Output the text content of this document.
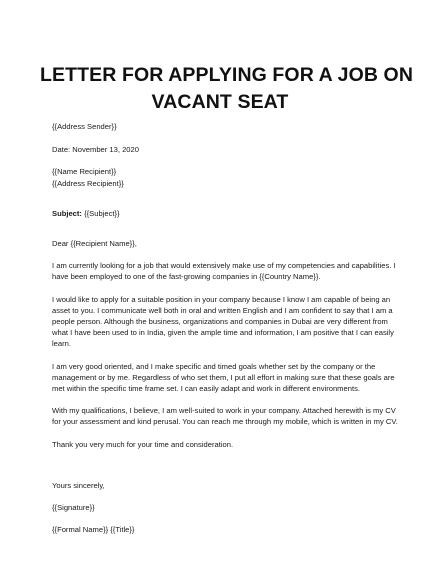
LETTER FOR APPLYING FOR A JOB ON
VACANT SEAT

{{Address Sender}}

Date: November 13, 2020

{{Name Recipient}}

{{Address Recipient}}

Subject: {{Subject}}

Dear {{Recipient Name}},

I am currently looking for a job that would extensively make use of my competencies and capabilities. I
have been employed to one of the fast-growing companies in {{Country Name}}.

I would like to apply for a suitable position in your company because I know I am capable of being an
asset to you. I communicate well both in oral and written English and I am confident to say that I am a
people person. Although the business, organizations and companies in Dubai are very different from
what I have been used to in India, given the ample time and information, I am positive that I can easily
learn.

I am very good oriented, and I make specific and timed goals whether set by the company or the
management or by me. Regardless of who set them, I put all effort in making sure that these goals are
met within the specific time frame set. I can easily adapt and work in different environments.

With my qualifications, I believe, I am well-suited to work in your company. Attached herewith is my CV
for your assessment and kind perusal. You can reach me through my mobile, which is written in my CV.

Thank you very much for your time and consideration.

Yours sincerely,

{{Signature}}

{{Formal Name}} {{Title}}
